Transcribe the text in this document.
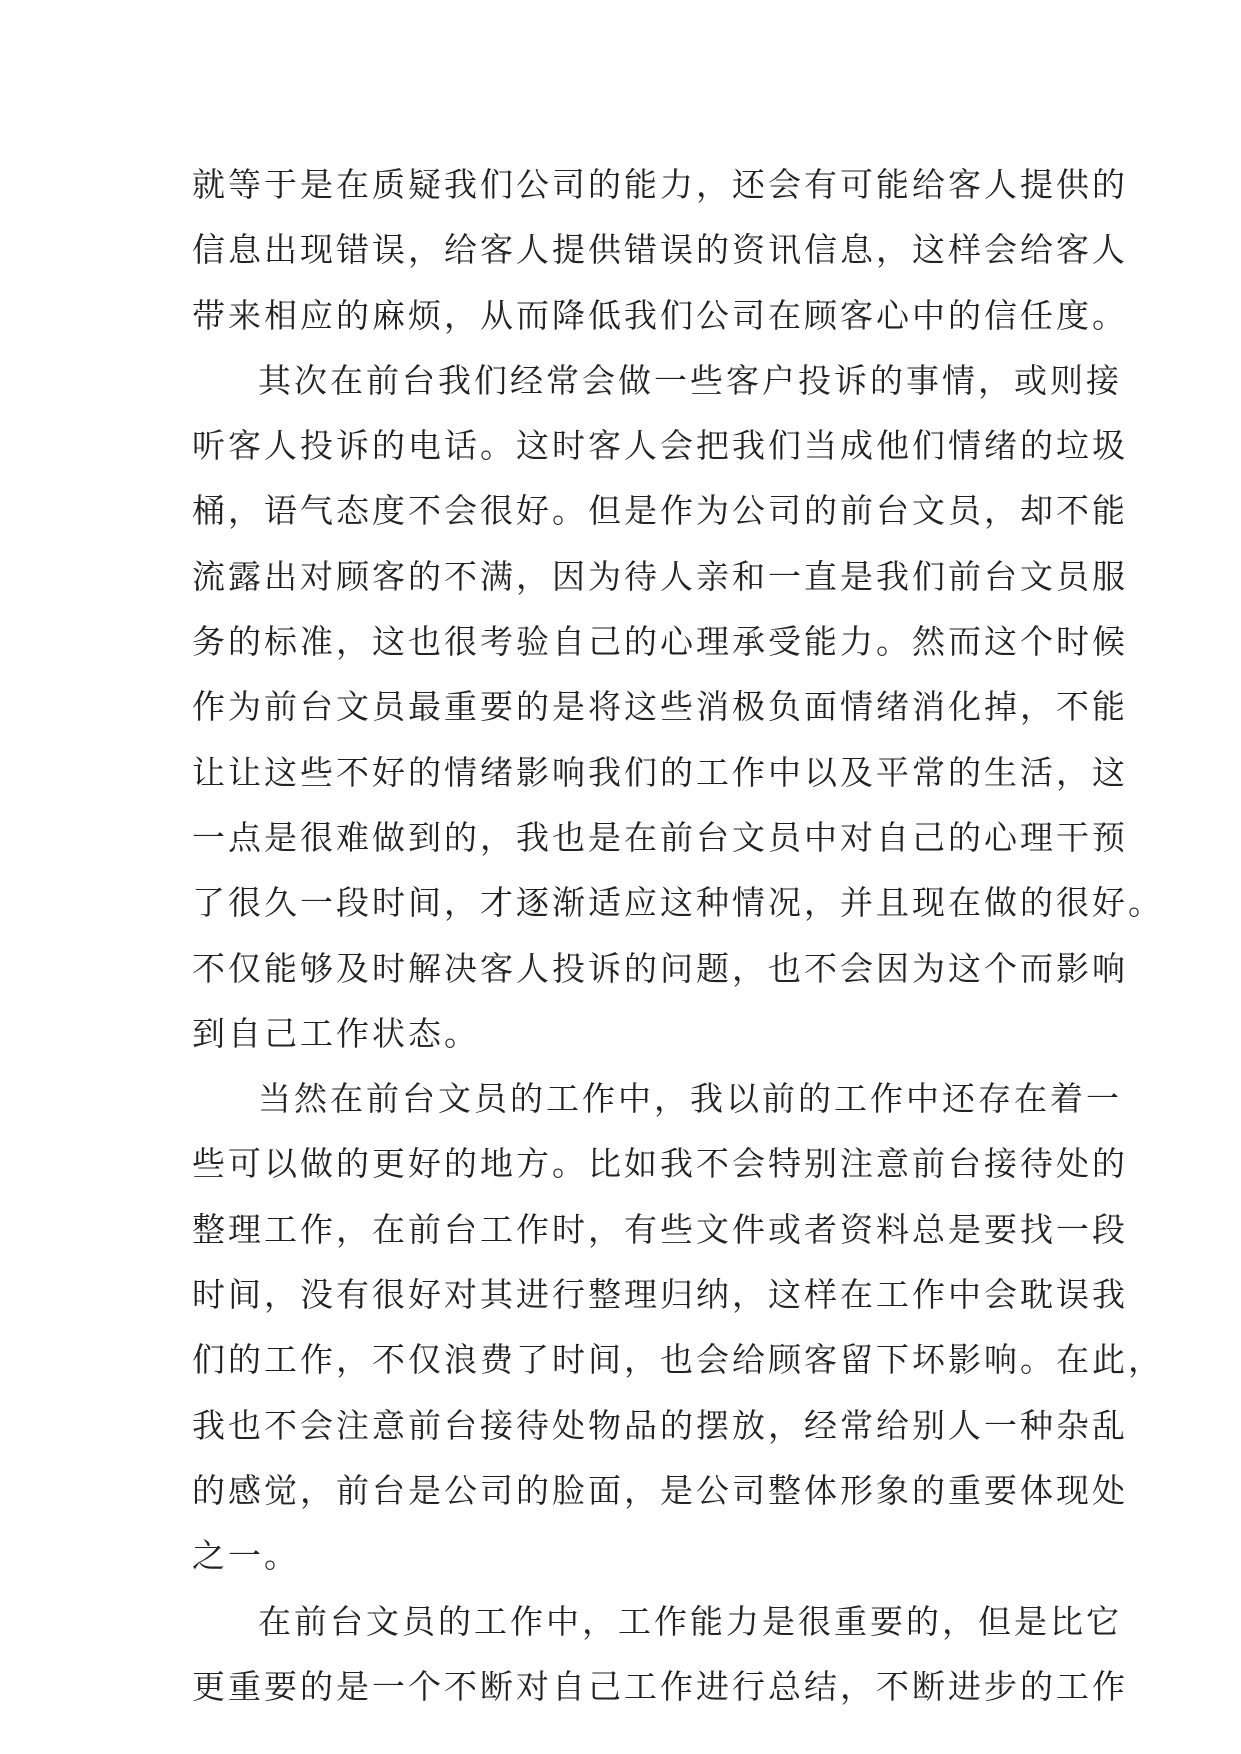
就等于是在质疑我们公司的能力，还会有可能给客人提供的
信息出现错误，给客人提供错误的资讯信息，这样会给客人
带来相应的麻烦，从而降低我们公司在顾客心中的信任度。
其次在前台我们经常会做一些客户投诉的事情，或则接
听客人投诉的电话。这时客人会把我们当成他们情绪的垃圾
桶，语气态度不会很好。但是作为公司的前台文员，却不能
流露出对顾客的不满，因为待人亲和一直是我们前台文员服
务的标准，这也很考验自己的心理承受能力。然而这个时候
作为前台文员最重要的是将这些消极负面情绪消化掉，不能
让让这些不好的情绪影响我们的工作中以及平常的生活，这
一点是很难做到的，我也是在前台文员中对自己的心理干预
了很久一段时间，才逐渐适应这种情况，并且现在做的很好。
不仅能够及时解决客人投诉的问题，也不会因为这个而影响
到自己工作状态。
当然在前台文员的工作中，我以前的工作中还存在着一
些可以做的更好的地方。比如我不会特别注意前台接待处的
整理工作，在前台工作时，有些文件或者资料总是要找一段
时间，没有很好对其进行整理归纳，这样在工作中会耽误我
们的工作，不仅浪费了时间，也会给顾客留下坏影响。在此，
我也不会注意前台接待处物品的摆放，经常给别人一种杂乱
的感觉，前台是公司的脸面，是公司整体形象的重要体现处
之一。
在前台文员的工作中，工作能力是很重要的，但是比它
更重要的是一个不断对自己工作进行总结，不断进步的工作
